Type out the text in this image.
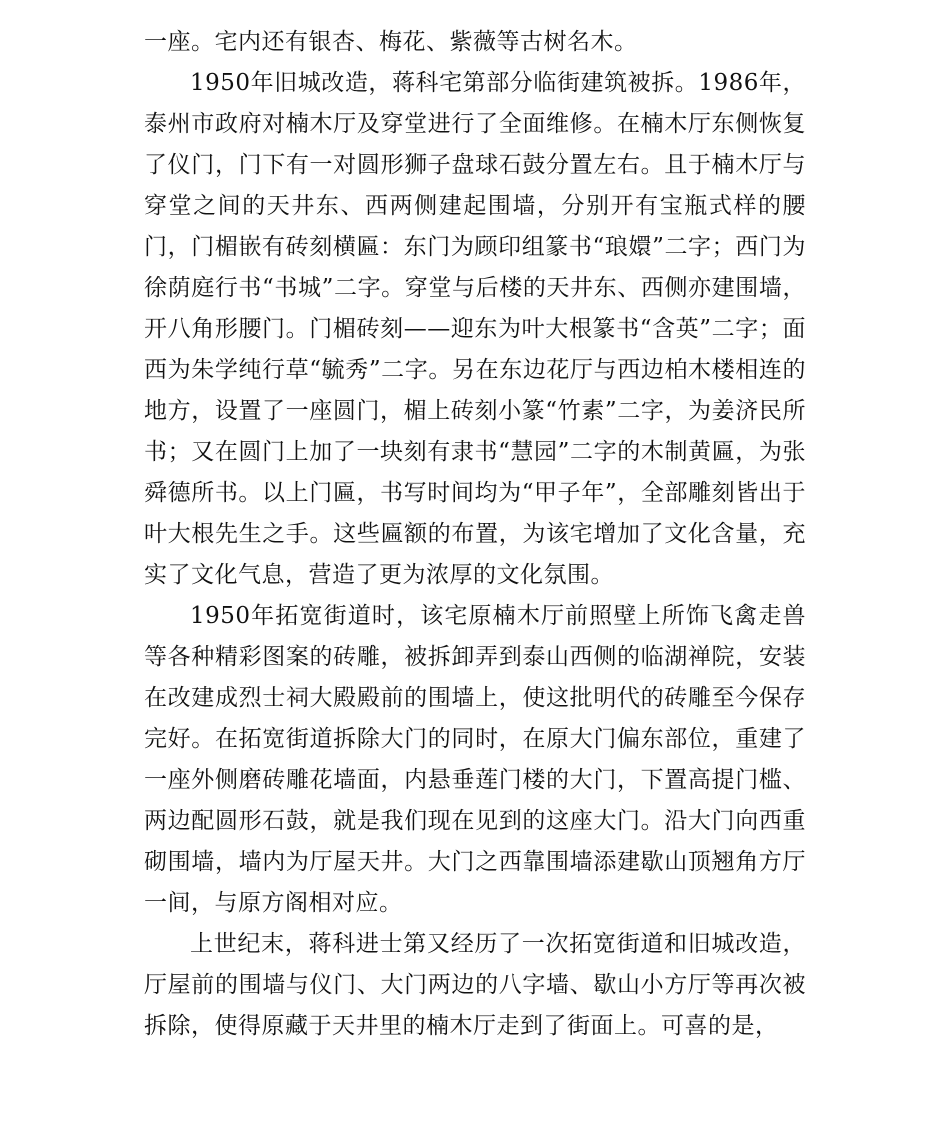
一座。宅内还有银杏、梅花、紫薇等古树名木。

1950年旧城改造，蒋科宅第部分临街建筑被拆。1986年，泰州市政府对楠木厅及穿堂进行了全面维修。在楠木厅东侧恢复了仪门，门下有一对圆形狮子盘球石鼓分置左右。且于楠木厅与穿堂之间的天井东、西两侧建起围墙，分别开有宝瓶式样的腰门，门楣嵌有砖刻横匾：东门为顾印组篆书“琅嬛”二字；西门为徐荫庭行书“书城”二字。穿堂与后楼的天井东、西侧亦建围墙，开八角形腰门。门楣砖刻——迎东为叶大根篆书“含英”二字；面西为朱学纯行草“毓秀”二字。另在东边花厅与西边柏木楼相连的地方，设置了一座圆门，楣上砖刻小篆“竹素”二字，为姜济民所书；又在圆门上加了一块刻有隶书“慧园”二字的木制黄匾，为张舜德所书。以上门匾，书写时间均为“甲子年”，全部雕刻皆出于叶大根先生之手。这些匾额的布置，为该宅增加了文化含量，充实了文化气息，营造了更为浓厚的文化氛围。

1950年拓宽街道时，该宅原楠木厅前照壁上所饰飞禽走兽等各种精彩图案的砖雕，被拆卸弄到泰山西侧的临湖禅院，安装在改建成烈士祠大殿殿前的围墙上，使这批明代的砖雕至今保存完好。在拓宽街道拆除大门的同时，在原大门偏东部位，重建了一座外侧磨砖雕花墙面，内悬垂莲门楼的大门，下置高提门槛、两边配圆形石鼓，就是我们现在见到的这座大门。沿大门向西重砌围墙，墙内为厅屋天井。大门之西靠围墙添建歇山顶翘角方厅一间，与原方阁相对应。

上世纪末，蒋科进士第又经历了一次拓宽街道和旧城改造，厅屋前的围墙与仪门、大门两边的八字墙、歇山小方厅等再次被拆除，使得原藏于天井里的楠木厅走到了街面上。可喜的是，
